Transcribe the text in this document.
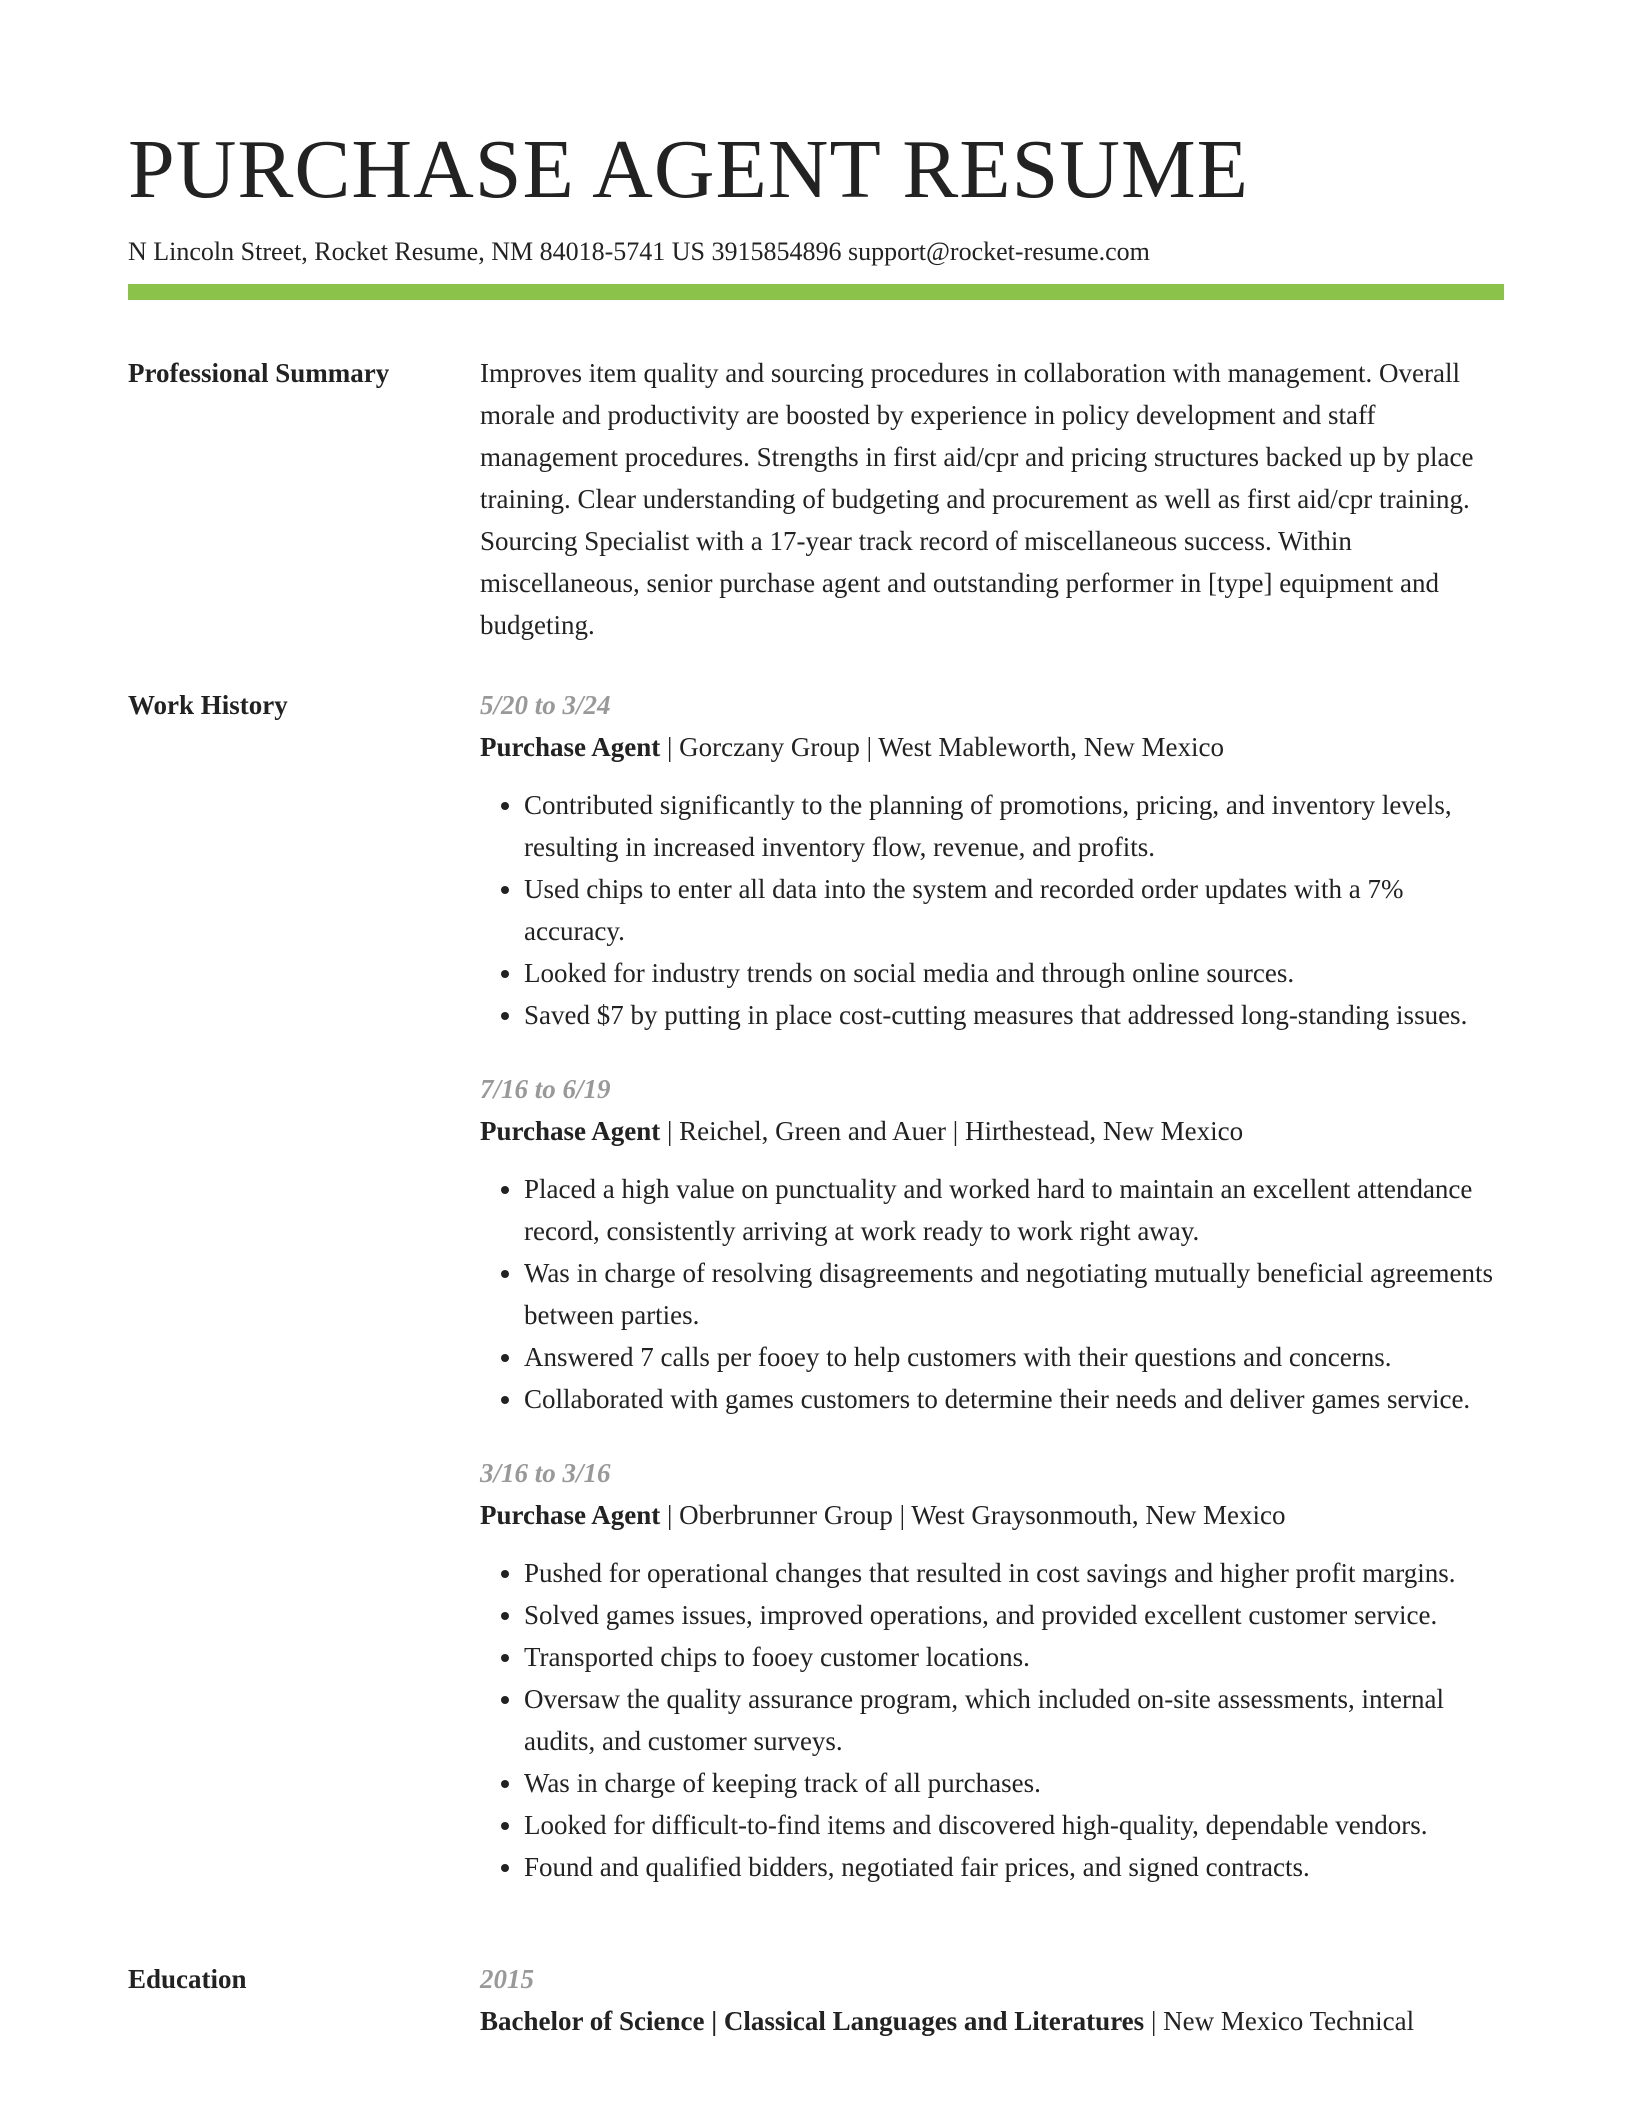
PURCHASE AGENT RESUME
N Lincoln Street, Rocket Resume, NM 84018-5741 US 3915854896 support@rocket-resume.com
Professional Summary	Improves item quality and sourcing procedures in collaboration with management. Overall morale and productivity are boosted by experience in policy development and staff management procedures. Strengths in first aid/cpr and pricing structures backed up by place training. Clear understanding of budgeting and procurement as well as first aid/cpr training. Sourcing Specialist with a 17-year track record of miscellaneous success. Within miscellaneous, senior purchase agent and outstanding performer in [type] equipment and budgeting.

Work History	5/20 to 3/24
Purchase Agent | Gorczany Group | West Mableworth, New Mexico
• Contributed significantly to the planning of promotions, pricing, and inventory levels, resulting in increased inventory flow, revenue, and profits.
• Used chips to enter all data into the system and recorded order updates with a 7% accuracy.
• Looked for industry trends on social media and through online sources.
• Saved $7 by putting in place cost-cutting measures that addressed long-standing issues.
7/16 to 6/19
Purchase Agent | Reichel, Green and Auer | Hirthestead, New Mexico
• Placed a high value on punctuality and worked hard to maintain an excellent attendance record, consistently arriving at work ready to work right away.
• Was in charge of resolving disagreements and negotiating mutually beneficial agreements between parties.
• Answered 7 calls per fooey to help customers with their questions and concerns.
• Collaborated with games customers to determine their needs and deliver games service.
3/16 to 3/16
Purchase Agent | Oberbrunner Group | West Graysonmouth, New Mexico
• Pushed for operational changes that resulted in cost savings and higher profit margins.
• Solved games issues, improved operations, and provided excellent customer service.
• Transported chips to fooey customer locations.
• Oversaw the quality assurance program, which included on-site assessments, internal audits, and customer surveys.
• Was in charge of keeping track of all purchases.
• Looked for difficult-to-find items and discovered high-quality, dependable vendors.
• Found and qualified bidders, negotiated fair prices, and signed contracts.
Education	2015
Bachelor of Science | Classical Languages and Literatures | New Mexico Technical
